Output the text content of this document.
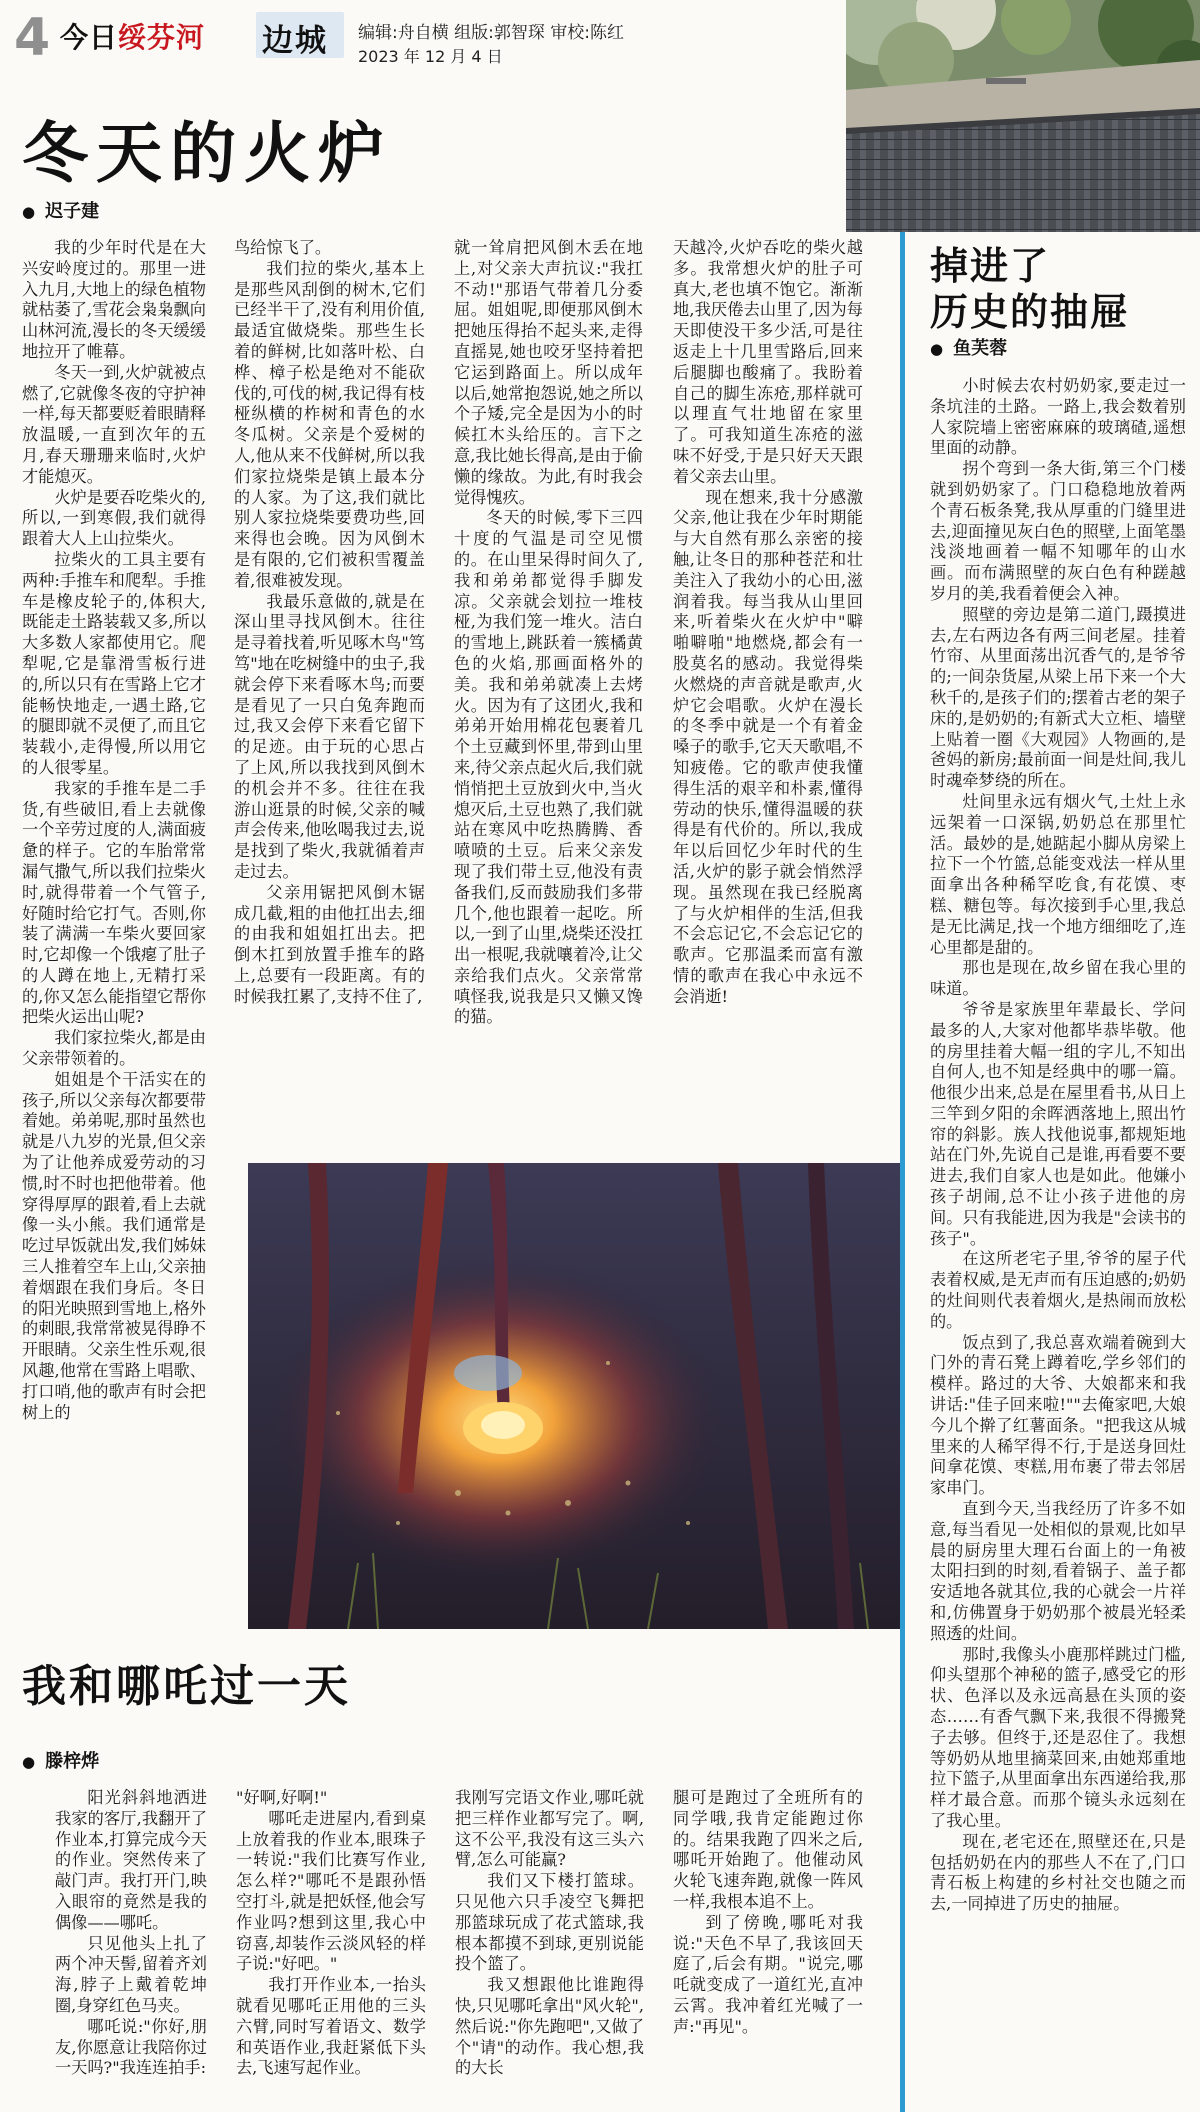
4 今日绥芬河 边城 编辑:舟自横 组版:郭智琛 审校:陈红
2023 年 12 月 4 日
冬天的火炉
● 迟子建

我的少年时代是在大兴安岭度过的。那里一进入九月,大地上的绿色植物就枯萎了,雪花会枭枭飘向山林河流,漫长的冬天缓缓地拉开了帷幕。

冬天一到,火炉就被点燃了,它就像冬夜的守护神一样,每天都要贬着眼睛释放温暖,一直到次年的五月,春天珊珊来临时,火炉才能熄灭。

火炉是要吞吃柴火的,所以,一到寒假,我们就得跟着大人上山拉柴火。

拉柴火的工具主要有两种:手推车和爬犁。手推车是橡皮轮子的,体积大,既能走土路装载又多,所以大多数人家都使用它。爬犁呢,它是靠滑雪板行进的,所以只有在雪路上它才能畅快地走,一遇土路,它的腿即就不灵便了,而且它装载小,走得慢,所以用它的人很零星。

我家的手推车是二手货,有些破旧,看上去就像一个辛劳过度的人,满面疲惫的样子。它的车胎常常漏气撒气,所以我们拉柴火时,就得带着一个气管子,好随时给它打气。否则,你装了满满一车柴火要回家时,它却像一个饿瘪了肚子的人蹲在地上,无精打采的,你又怎么能指望它帮你把柴火运出山呢?

我们家拉柴火,都是由父亲带领着的。

姐姐是个干活实在的孩子,所以父亲每次都要带着她。弟弟呢,那时虽然也就是八九岁的光景,但父亲为了让他养成爱劳动的习惯,时不时也把他带着。他穿得厚厚的跟着,看上去就像一头小熊。我们通常是吃过早饭就出发,我们姊妹三人推着空车上山,父亲抽着烟跟在我们身后。冬日的阳光映照到雪地上,格外的刺眼,我常常被晃得睁不开眼睛。父亲生性乐观,很风趣,他常在雪路上唱歌、打口哨,他的歌声有时会把树上的

鸟给惊飞了。

我们拉的柴火,基本上是那些风刮倒的树木,它们已经半干了,没有利用价值,最适宜做烧柴。那些生长着的鲜树,比如落叶松、白桦、樟子松是绝对不能砍伐的,可伐的树,我记得有枝桠纵横的柞树和青色的水冬瓜树。父亲是个爱树的人,他从来不伐鲜树,所以我们家拉烧柴是镇上最本分的人家。为了这,我们就比别人家拉烧柴要费功些,回来得也会晚。因为风倒木是有限的,它们被积雪覆盖着,很难被发现。

我最乐意做的,就是在深山里寻找风倒木。往往是寻着找着,听见啄木鸟"笃笃"地在吃树缝中的虫子,我就会停下来看啄木鸟;而要是看见了一只白兔奔跑而过,我又会停下来看它留下的足迹。由于玩的心思占了上风,所以我找到风倒木的机会并不多。往往在我游山逛景的时候,父亲的喊声会传来,他吆喝我过去,说是找到了柴火,我就循着声走过去。

父亲用锯把风倒木锯成几截,粗的由他扛出去,细的由我和姐姐扛出去。把倒木扛到放置手推车的路上,总要有一段距离。有的时候我扛累了,支持不住了,

就一耸肩把风倒木丢在地上,对父亲大声抗议:"我扛不动!"那语气带着几分委屈。姐姐呢,即便那风倒木把她压得抬不起头来,走得直摇晃,她也咬牙坚持着把它运到路面上。所以成年以后,她常抱怨说,她之所以个子矮,完全是因为小的时候扛木头给压的。言下之意,我比她长得高,是由于偷懒的缘故。为此,有时我会觉得愧疚。

冬天的时候,零下三四十度的气温是司空见惯的。在山里呆得时间久了,我和弟弟都觉得手脚发凉。父亲就会划拉一堆枝桠,为我们笼一堆火。洁白的雪地上,跳跃着一簇橘黄色的火焰,那画面格外的美。我和弟弟就凑上去烤火。因为有了这团火,我和弟弟开始用棉花包裹着几个土豆藏到怀里,带到山里来,待父亲点起火后,我们就悄悄把土豆放到火中,当火熄灭后,土豆也熟了,我们就站在寒风中吃热腾腾、香喷喷的土豆。后来父亲发现了我们带土豆,他没有责备我们,反而鼓励我们多带几个,他也跟着一起吃。所以,一到了山里,烧柴还没扛出一根呢,我就嚷着冷,让父亲给我们点火。父亲常常嗔怪我,说我是只又懒又馋的猫。

天越冷,火炉吞吃的柴火越多。我常想火炉的肚子可真大,老也填不饱它。渐渐地,我厌倦去山里了,因为每天即使没干多少活,可是往返走上十几里雪路后,回来后腿脚也酸痛了。我盼着自己的脚生冻疮,那样就可以理直气壮地留在家里了。可我知道生冻疮的滋味不好受,于是只好天天跟着父亲去山里。

现在想来,我十分感激父亲,他让我在少年时期能与大自然有那么亲密的接触,让冬日的那种苍茫和壮美注入了我幼小的心田,滋润着我。每当我从山里回来,听着柴火在火炉中"噼啪噼啪"地燃烧,都会有一股莫名的感动。我觉得柴火燃烧的声音就是歌声,火炉它会唱歌。火炉在漫长的冬季中就是一个有着金嗓子的歌手,它天天歌唱,不知疲倦。它的歌声使我懂得生活的艰辛和朴素,懂得劳动的快乐,懂得温暖的获得是有代价的。所以,我成年以后回忆少年时代的生活,火炉的影子就会悄然浮现。虽然现在我已经脱离了与火炉相伴的生活,但我不会忘记它,不会忘记它的歌声。它那温柔而富有激情的歌声在我心中永远不会消逝!

掉进了
历史的抽屉
● 鱼芙蓉

小时候去农村奶奶家,要走过一条坑洼的土路。一路上,我会数着别人家院墙上密密麻麻的玻璃碴,遥想里面的动静。

拐个弯到一条大街,第三个门楼就到奶奶家了。门口稳稳地放着两个青石板条凳,我从厚重的门缝里进去,迎面撞见灰白色的照壁,上面笔墨浅淡地画着一幅不知哪年的山水画。而布满照壁的灰白色有种蹉越岁月的美,我看着便会入神。

照壁的旁边是第二道门,蹑摸进去,左右两边各有两三间老屋。挂着竹帘、从里面荡出沉香气的,是爷爷的;一间杂货屋,从梁上吊下来一个大秋千的,是孩子们的;摆着古老的架子床的,是奶奶的;有新式大立柜、墙壁上贴着一圈《大观园》人物画的,是爸妈的新房;最前面一间是灶间,我儿时魂牵梦绕的所在。

灶间里永远有烟火气,土灶上永远架着一口深锅,奶奶总在那里忙活。最妙的是,她踮起小脚从房梁上拉下一个竹篮,总能变戏法一样从里面拿出各种稀罕吃食,有花馍、枣糕、糖包等。每次接到手心里,我总是无比满足,找一个地方细细吃了,连心里都是甜的。

那也是现在,故乡留在我心里的味道。

爷爷是家族里年辈最长、学问最多的人,大家对他都毕恭毕敬。他的房里挂着大幅一组的字儿,不知出自何人,也不知是经典中的哪一篇。他很少出来,总是在屋里看书,从日上三竿到夕阳的余晖洒落地上,照出竹帘的斜影。族人找他说事,都规矩地站在门外,先说自己是谁,再看要不要进去,我们自家人也是如此。他嫌小孩子胡闹,总不让小孩子进他的房间。只有我能进,因为我是"会读书的孩子"。

在这所老宅子里,爷爷的屋子代表着权威,是无声而有压迫感的;奶奶的灶间则代表着烟火,是热闹而放松的。

饭点到了,我总喜欢端着碗到大门外的青石凳上蹲着吃,学乡邻们的模样。路过的大爷、大娘都来和我讲话:"佳子回来啦!""去俺家吧,大娘今儿个擀了红薯面条。"把我这从城里来的人稀罕得不行,于是送身回灶间拿花馍、枣糕,用布裹了带去邻居家串门。

直到今天,当我经历了许多不如意,每当看见一处相似的景观,比如早晨的厨房里大理石台面上的一角被太阳扫到的时刻,看着锅子、盖子都安适地各就其位,我的心就会一片祥和,仿佛置身于奶奶那个被晨光轻柔照透的灶间。

那时,我像头小鹿那样跳过门槛,仰头望那个神秘的篮子,感受它的形状、色泽以及永远高悬在头顶的姿态……有香气飘下来,我很不得搬凳子去够。但终于,还是忍住了。我想等奶奶从地里摘菜回来,由她郑重地拉下篮子,从里面拿出东西递给我,那样才最合意。而那个镜头永远刻在了我心里。

现在,老宅还在,照壁还在,只是包括奶奶在内的那些人不在了,门口青石板上构建的乡村社交也随之而去,一同掉进了历史的抽屉。

我和哪吒过一天
● 滕梓烨

阳光斜斜地洒进我家的客厅,我翻开了作业本,打算完成今天的作业。突然传来了敲门声。我打开门,映入眼帘的竟然是我的偶像——哪吒。

只见他头上扎了两个冲天髻,留着齐刘海,脖子上戴着乾坤圈,身穿红色马夹。

哪吒说:"你好,朋友,你愿意让我陪你过一天吗?"我连连拍手:

"好啊,好啊!"

哪吒走进屋内,看到桌上放着我的作业本,眼珠子一转说:"我们比赛写作业,怎么样?"哪吒不是跟孙悟空打斗,就是把妖怪,他会写作业吗?想到这里,我心中窃喜,却装作云淡风轻的样子说:"好吧。"

我打开作业本,一抬头就看见哪吒正用他的三头六臂,同时写着语文、数学和英语作业,我赶紧低下头去,飞速写起作业。

我刚写完语文作业,哪吒就把三样作业都写完了。啊,这不公平,我没有这三头六臂,怎么可能赢?

我们又下楼打篮球。只见他六只手凌空飞舞把那篮球玩成了花式篮球,我根本都摸不到球,更别说能投个篮了。

我又想跟他比谁跑得快,只见哪吒拿出"风火轮",然后说:"你先跑吧",又做了个"请"的动作。我心想,我的大长

腿可是跑过了全班所有的同学哦,我肯定能跑过你的。结果我跑了四米之后,哪吒开始跑了。他催动风火轮飞速奔跑,就像一阵风一样,我根本追不上。

到了傍晚,哪吒对我说:"天色不早了,我该回天庭了,后会有期。"说完,哪吒就变成了一道红光,直冲云霄。我冲着红光喊了一声:"再见"。
